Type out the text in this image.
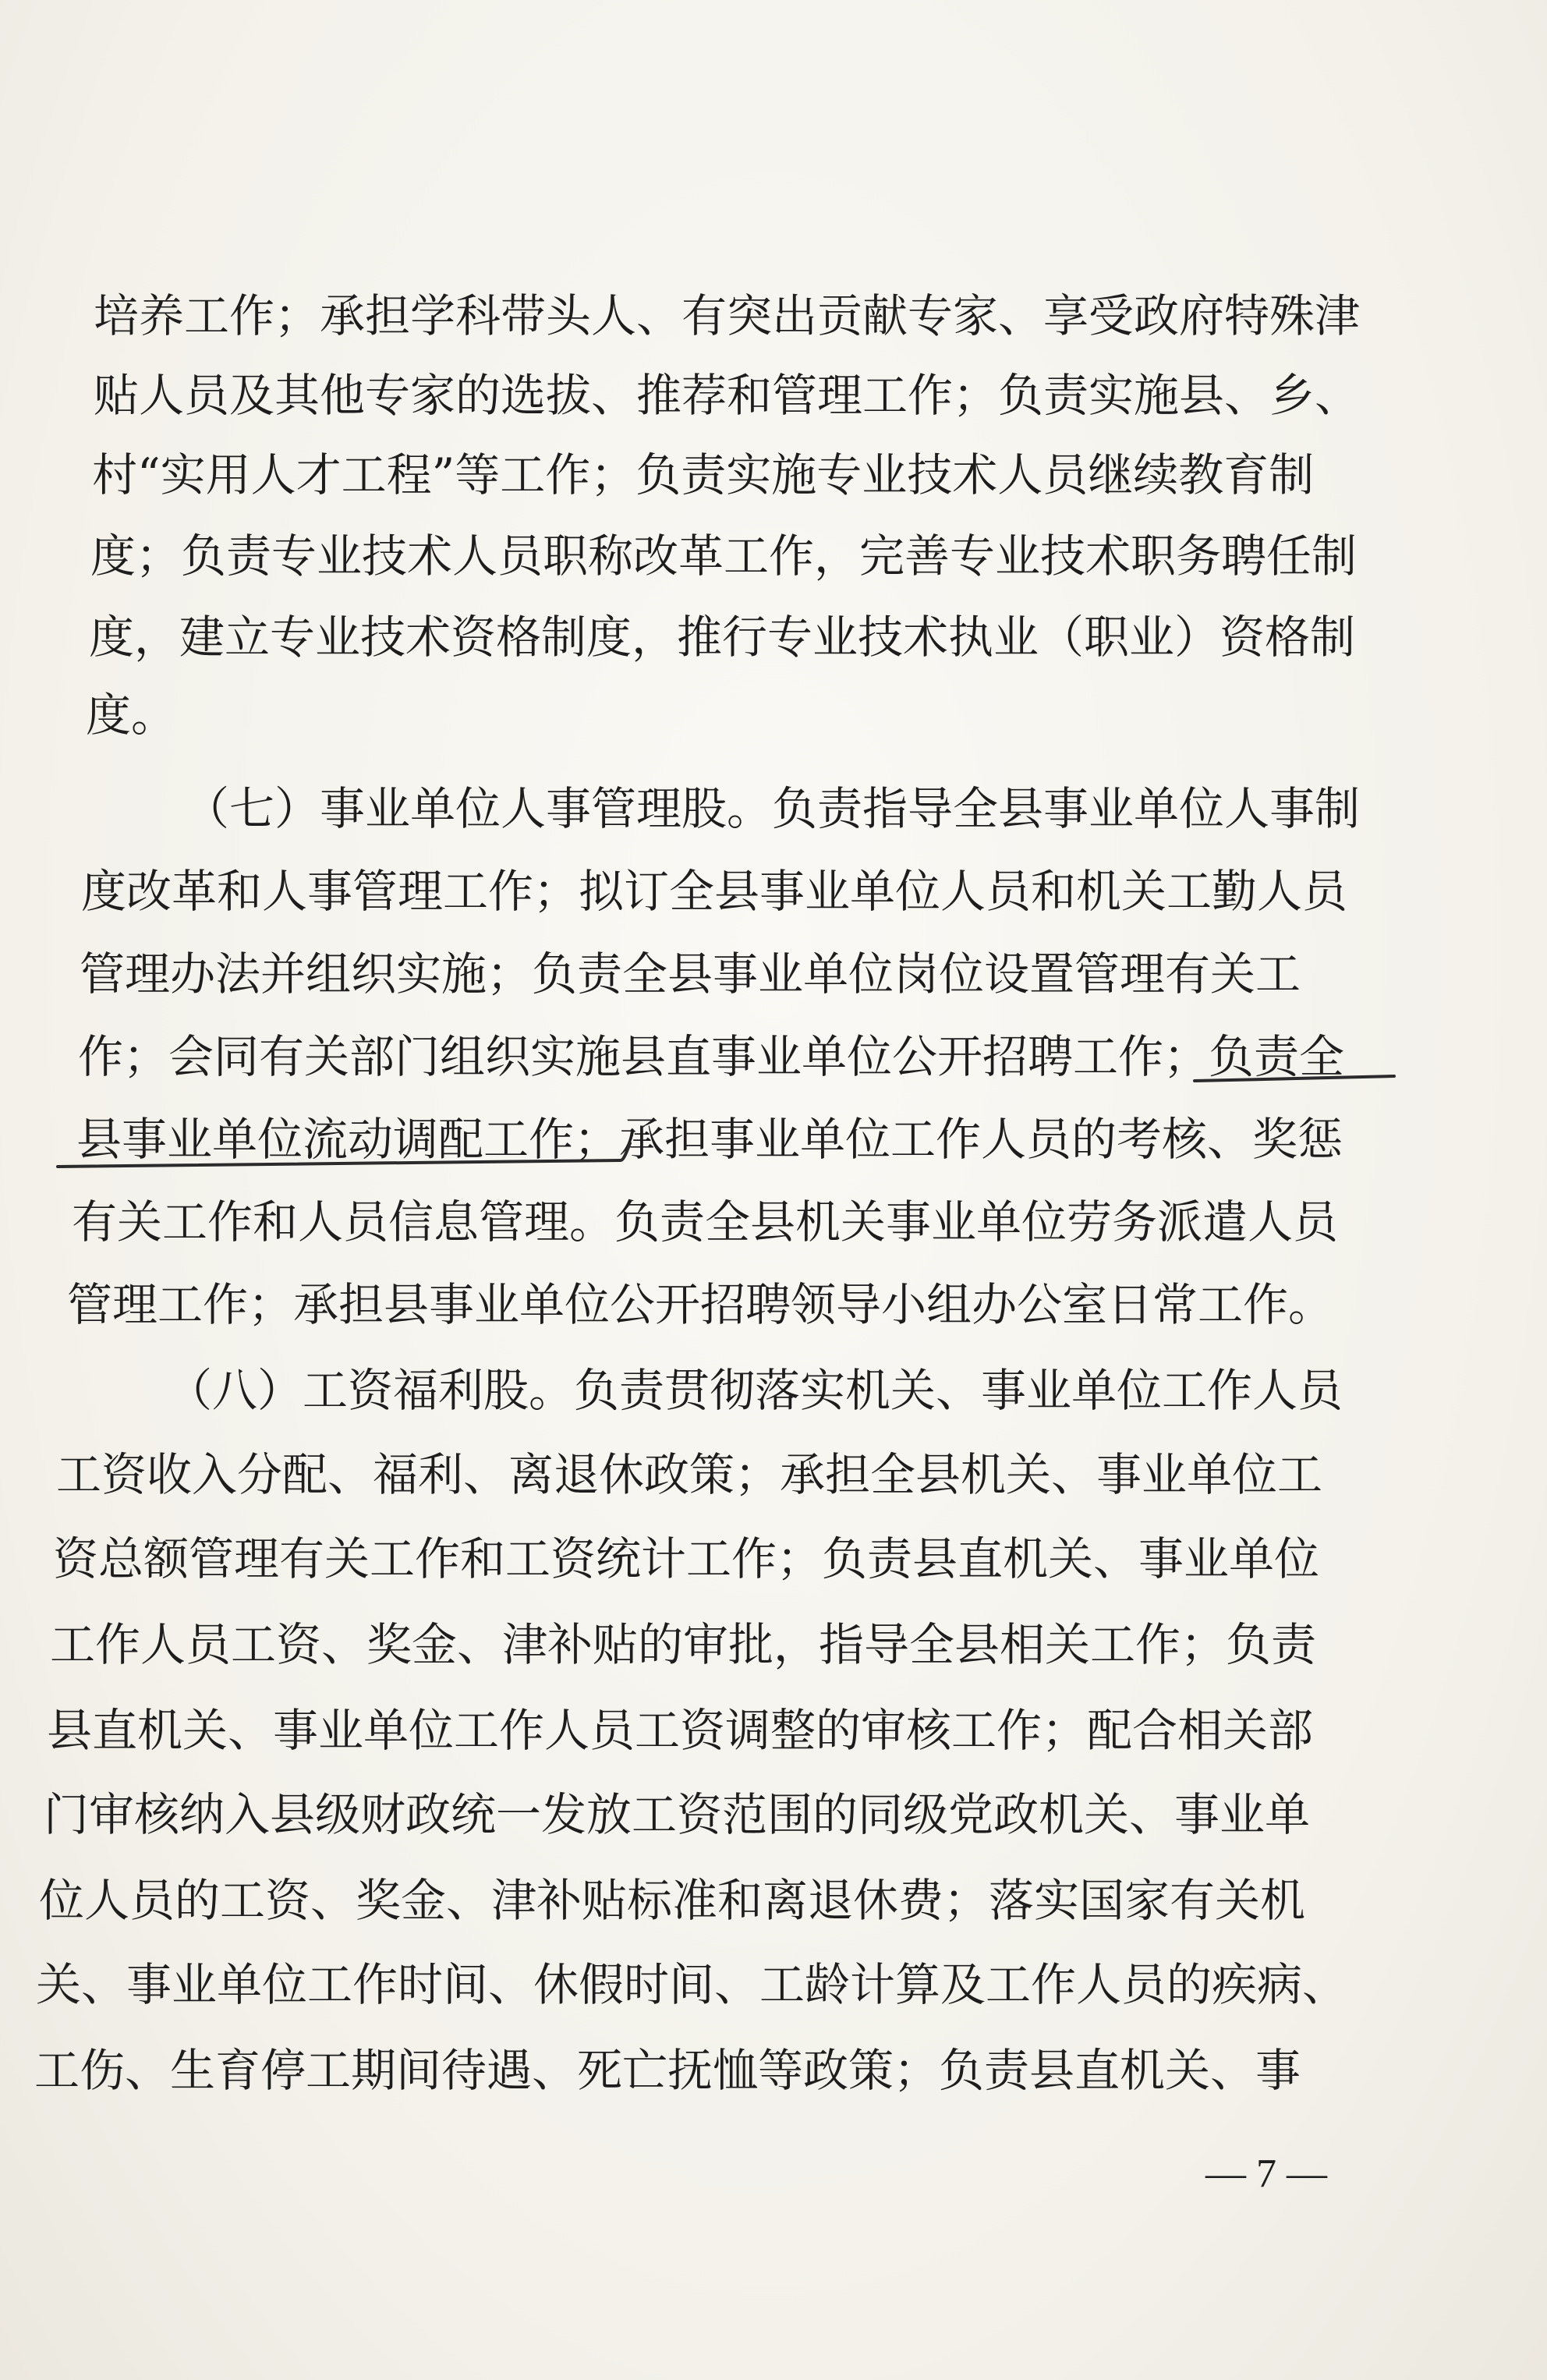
培养工作；承担学科带头人、有突出贡献专家、享受政府特殊津
贴人员及其他专家的选拔、推荐和管理工作；负责实施县、乡、
村“实用人才工程”等工作；负责实施专业技术人员继续教育制
度；负责专业技术人员职称改革工作，完善专业技术职务聘任制
度，建立专业技术资格制度，推行专业技术执业（职业）资格制
度。
（七）事业单位人事管理股。负责指导全县事业单位人事制
度改革和人事管理工作；拟订全县事业单位人员和机关工勤人员
管理办法并组织实施；负责全县事业单位岗位设置管理有关工
作；会同有关部门组织实施县直事业单位公开招聘工作；负责全
县事业单位流动调配工作；承担事业单位工作人员的考核、奖惩
有关工作和人员信息管理。负责全县机关事业单位劳务派遣人员
管理工作；承担县事业单位公开招聘领导小组办公室日常工作。
（八）工资福利股。负责贯彻落实机关、事业单位工作人员
工资收入分配、福利、离退休政策；承担全县机关、事业单位工
资总额管理有关工作和工资统计工作；负责县直机关、事业单位
工作人员工资、奖金、津补贴的审批，指导全县相关工作；负责
县直机关、事业单位工作人员工资调整的审核工作；配合相关部
门审核纳入县级财政统一发放工资范围的同级党政机关、事业单
位人员的工资、奖金、津补贴标准和离退休费；落实国家有关机
关、事业单位工作时间、休假时间、工龄计算及工作人员的疾病、
工伤、生育停工期间待遇、死亡抚恤等政策；负责县直机关、事
— 7 —
